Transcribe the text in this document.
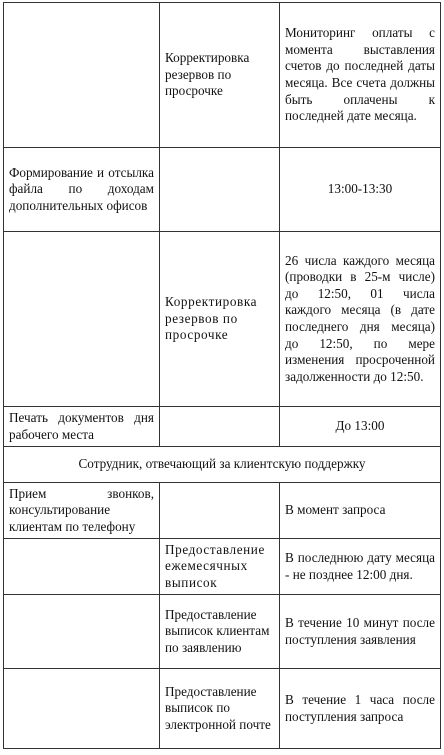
	Корректировка резервов по просрочке	Мониторинг оплаты с момента выставления счетов до последней даты месяца. Все счета должны быть оплачены к последней дате месяца.
Формирование и отсылка файла по доходам дополнительных офисов		13:00-13:30
	Корректировка резервов по просрочке	26 числа каждого месяца (проводки в 25-м числе) до 12:50, 01 числа каждого месяца (в дате последнего дня месяца) до 12:50, по мере изменения просроченной задолженности до 12:50.
Печать документов дня рабочего места		До 13:00
Сотрудник, отвечающий за клиентскую поддержку		
Прием звонков, консультирование клиентам по телефону		В момент запроса
	Предоставление ежемесячных выписок	В последнюю дату месяца - не позднее 12:00 дня.
	Предоставление выписок клиентам по заявлению	В течение 10 минут после поступления заявления
	Предоставление выписок по электронной почте	В течение 1 часа после поступления запроса
